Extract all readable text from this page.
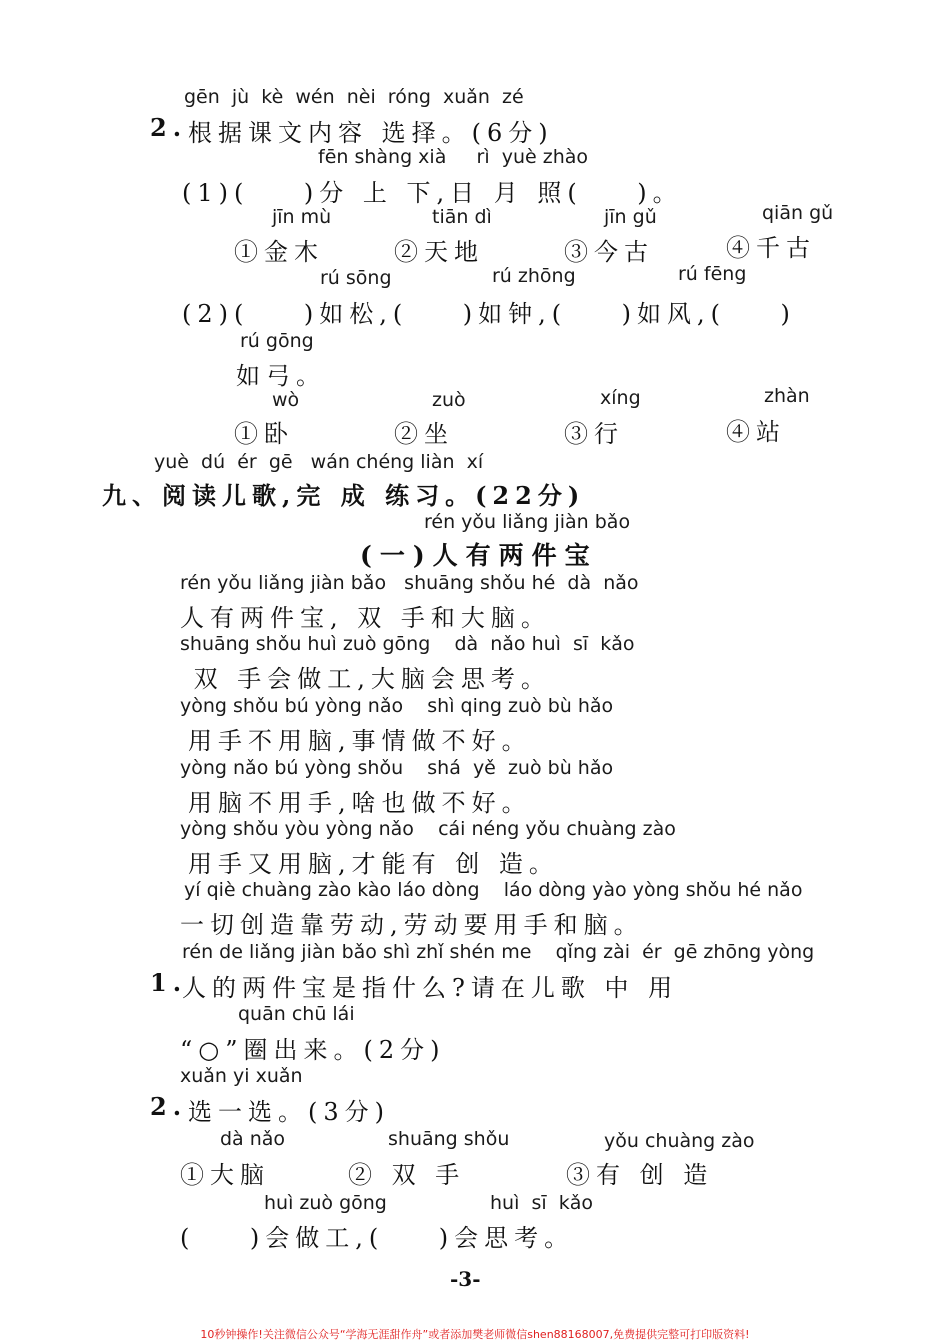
gēn  jù  kè  wén  nèi  róng  xuǎn  zé
2. 根据课文内容 选择。(6分)
fēn shàng xià     rì  yuè zhào
(1)(    )分 上 下,日 月 照(    )。
jīn mù	tiān dì	jīn gǔ	qiān gǔ
①金木	②天地	③今古	④千古
rú sōng	rú zhōng	rú fēng
(2)(    )如松,(    )如钟,(    )如风,(    )
rú gōng
如弓。
wò	zuò	xíng	zhàn
①卧	②坐	③行	④站
yuè  dú  ér  gē   wán chéng liàn  xí
九、阅读儿歌,完 成 练习。(22分)
rén yǒu liǎng jiàn bǎo
(一)人有两件宝
rén yǒu liǎng jiàn bǎo   shuāng shǒu hé  dà  nǎo
人有两件宝, 双 手和大脑。
shuāng shǒu huì zuò gōng    dà  nǎo huì  sī  kǎo
双 手会做工,大脑会思考。
yòng shǒu bú yòng nǎo    shì qing zuò bù hǎo
用手不用脑,事情做不好。
yòng nǎo bú yòng shǒu    shá  yě  zuò bù hǎo
用脑不用手,啥也做不好。
yòng shǒu yòu yòng nǎo    cái néng yǒu chuàng zào
用手又用脑,才能有 创 造。
yí qiè chuàng zào kào láo dòng    láo dòng yào yòng shǒu hé nǎo
一切创造靠劳动,劳动要用手和脑。
rén de liǎng jiàn bǎo shì zhǐ shén me    qǐng zài  ér  gē zhōng yòng
1.
人的两件宝是指什么?请在儿歌 中 用
quān chū lái
“○”圈出来。(2分)
xuǎn yi xuǎn
2. 选一选。(3分)
dà nǎo	shuāng shǒu	yǒu chuàng zào
①大脑	② 双 手	③有 创 造
huì zuò gōng	huì  sī  kǎo
(    )会做工,(    )会思考。
-3-
10秒钟操作!关注微信公众号“学海无涯甜作舟”或者添加樊老师微信shen88168007,免费提供完整可打印版资料!
